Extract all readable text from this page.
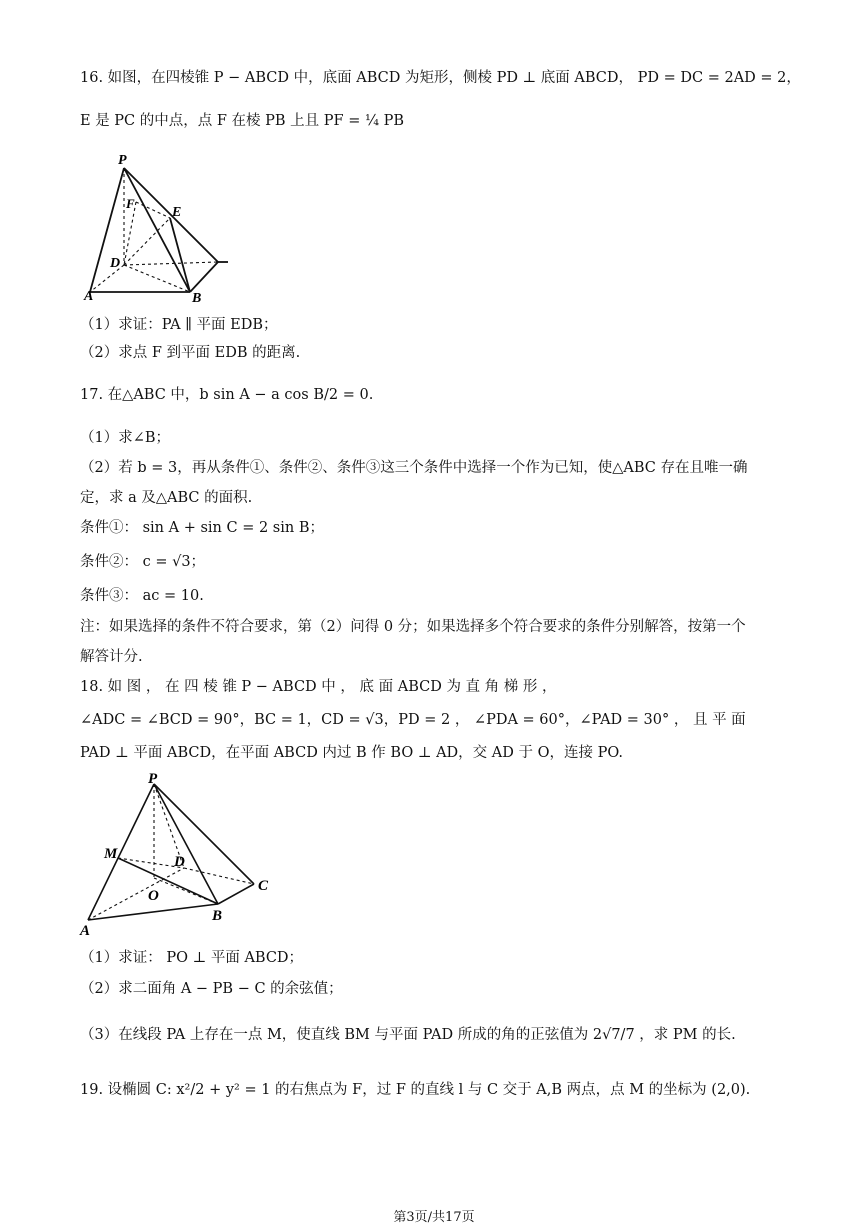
16. 如图，在四棱锥 P − ABCD 中，底面 ABCD 为矩形，侧棱 PD ⊥ 底面 ABCD， PD = DC = 2AD = 2，
E 是 PC 的中点，点 F 在棱 PB 上且 PF = ¼ PB
P
F
E
D
A	B
（1）求证：PA ∥ 平面 EDB；
（2）求点 F 到平面 EDB 的距离.
17. 在△ABC 中，b sin A − a cos B/2 = 0.
（1）求∠B；
（2）若 b = 3，再从条件①、条件②、条件③这三个条件中选择一个作为已知，使△ABC 存在且唯一确
定，求 a 及△ABC 的面积.
条件①： sin A + sin C = 2 sin B；
条件②： c = √3；
条件③： ac = 10.
注：如果选择的条件不符合要求，第（2）问得 0 分；如果选择多个符合要求的条件分别解答，按第一个
解答计分.
18. 如 图 ， 在 四 棱 锥 P − ABCD 中 ， 底 面 ABCD 为 直 角 梯 形 ，
∠ADC = ∠BCD = 90°，BC = 1，CD = √3，PD = 2 ， ∠PDA = 60°，∠PAD = 30° ， 且 平 面
PAD ⊥ 平面 ABCD，在平面 ABCD 内过 B 作 BO ⊥ AD，交 AD 于 O，连接 PO.
P
M	D
C
O
B
A
（1）求证： PO ⊥ 平面 ABCD；
（2）求二面角 A − PB − C 的余弦值；
（3）在线段 PA 上存在一点 M，使直线 BM 与平面 PAD 所成的角的正弦值为 2√7/7 ，求 PM 的长.
19. 设椭圆 C: x²/2 + y² = 1 的右焦点为 F，过 F 的直线 l 与 C 交于 A,B 两点，点 M 的坐标为 (2,0).
第3页/共17页
